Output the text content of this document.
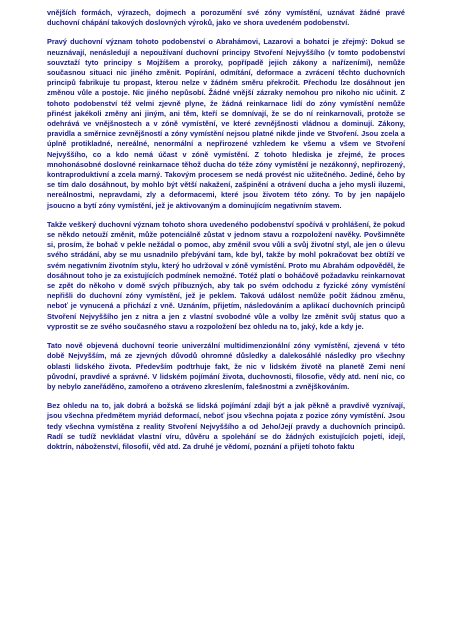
vnějších formách, výrazech, dojmech a porozumění své zóny vymístění, uznávat žádné pravé duchovní chápání takových doslovných výroků, jako ve shora uvedeném podobenství.

Pravý duchovní význam tohoto podobenství o Abrahámovi, Lazarovi a bohatci je zřejmý: Dokud se neuznávají, nenásledují a nepoužívaní duchovní principy Stvoření Nejvyššího (v tomto podobenství souvztaží tyto principy s Mojžíšem a proroky, popřípadě jejich zákony a nařízeními), nemůže současnou situaci nic jiného změnit. Popírání, odmítání, deformace a zvrácení těchto duchovních principů fabrikuje tu propast, kterou nelze v žádném směru překročit. Přechodu lze dosáhnout jen změnou vůle a postoje. Nic jiného nepůsobí. Žádné vnější zázraky nemohou pro nikoho nic učinit. Z tohoto podobenství též velmi zjevně plyne, že žádná reinkarnace lidí do zóny vymístění nemůže přinést jakékoli změny ani jiným, ani těm, kteří se domnívají, že se do ní reinkarnovali, protože se odehrává ve vnějšnostech a v zóně vymístění, ve které zevnějšnosti vládnou a dominují. Zákony, pravidla a směrnice zevnějšností a zóny vymístění nejsou platné nikde jinde ve Stvoření. Jsou zcela a úplně protikladné, nereálné, nenormální a nepřirozené vzhledem ke všemu a všem ve Stvoření Nejvyššího, co a kdo nemá účast v zóně vymístění. Z tohoto hlediska je zřejmé, že proces mnohonásobné doslovné reinkarnace těhož ducha do téže zóny vymístění je nezákonný, nepřirozený, kontraproduktivní a zcela marný. Takovým procesem se nedá provést nic užitečného. Jediné, čeho by se tím dalo dosáhnout, by mohlo být větší nakažení, zašpinění a otrávení ducha a jeho mysli iluzemi, nereálnostmi, nepravdami, zly a deformacemi, které jsou životem této zóny. To by jen napájelo jsoucno a bytí zóny vymístění, jež je aktivovaným a dominujícím negativním stavem.

Takže veškerý duchovní význam tohoto shora uvedeného podobenství spočívá v prohlášení, že pokud se někdo netouží změnit, může potenciálně zůstat v jednom stavu a rozpoložení navěky. Povšimněte si, prosím, že bohač v pekle nežádal o pomoc, aby změnil svou vůli a svůj životní styl, ale jen o úlevu svého strádání, aby se mu usnadnilo přebývání tam, kde byl, takže by mohl pokračovat bez obtíží ve svém negativním životním stylu, který ho udržoval v zóně vymístění. Proto mu Abrahám odpověděl, že dosáhnout toho je za existujících podmínek nemožné. Totéž platí o boháčově požadavku reinkarnovat se zpět do někoho v domě svých příbuzných, aby tak po svém odchodu z fyzické zóny vymístění nepřišli do duchovní zóny vymístění, jež je peklem. Taková událost nemůže počít žádnou změnu, neboť je vynucená a přichází z vně. Uznáním, přijetím, následováním a aplikací duchovních principů Stvoření Nejvyššího jen z nitra a jen z vlastní svobodné vůle a volby lze změnit svůj status quo a vyprostit se ze svého současného stavu a rozpoložení bez ohledu na to, jaký, kde a kdy je.

Tato nově objevená duchovní teorie univerzální multidimenzionální zóny vymístění, zjevená v této době Nejvyšším, má ze zjevných důvodů ohromné důsledky a dalekosáhlé následky pro všechny oblasti lidského života. Především podtrhuje fakt, že nic v lidském životě na planetě Zemi není původní, pravdivé a správné. V lidském pojímání života, duchovnosti, filosofie, vědy atd. není nic, co by nebylo zaneřáděno, zamořeno a otráveno zkreslením, falešnostmi a zvnějškováním.

Bez ohledu na to, jak dobrá a božská se lidská pojímání zdají být a jak pěkně a pravdivě vyznívají, jsou všechna předmětem myriád deformací, neboť jsou všechna pojata z pozice zóny vymístění. Jsou tedy všechna vymístěna z reality Stvoření Nejvyššího a od Jeho/Její pravdy a duchovních principů. Radí se tudíž nevkládat vlastní víru, důvěru a spolehání se do žádných existujících pojetí, idejí, doktrín, náboženství, filosofií, věd atd. Za druhé je vědomí, poznání a přijetí tohoto faktu
